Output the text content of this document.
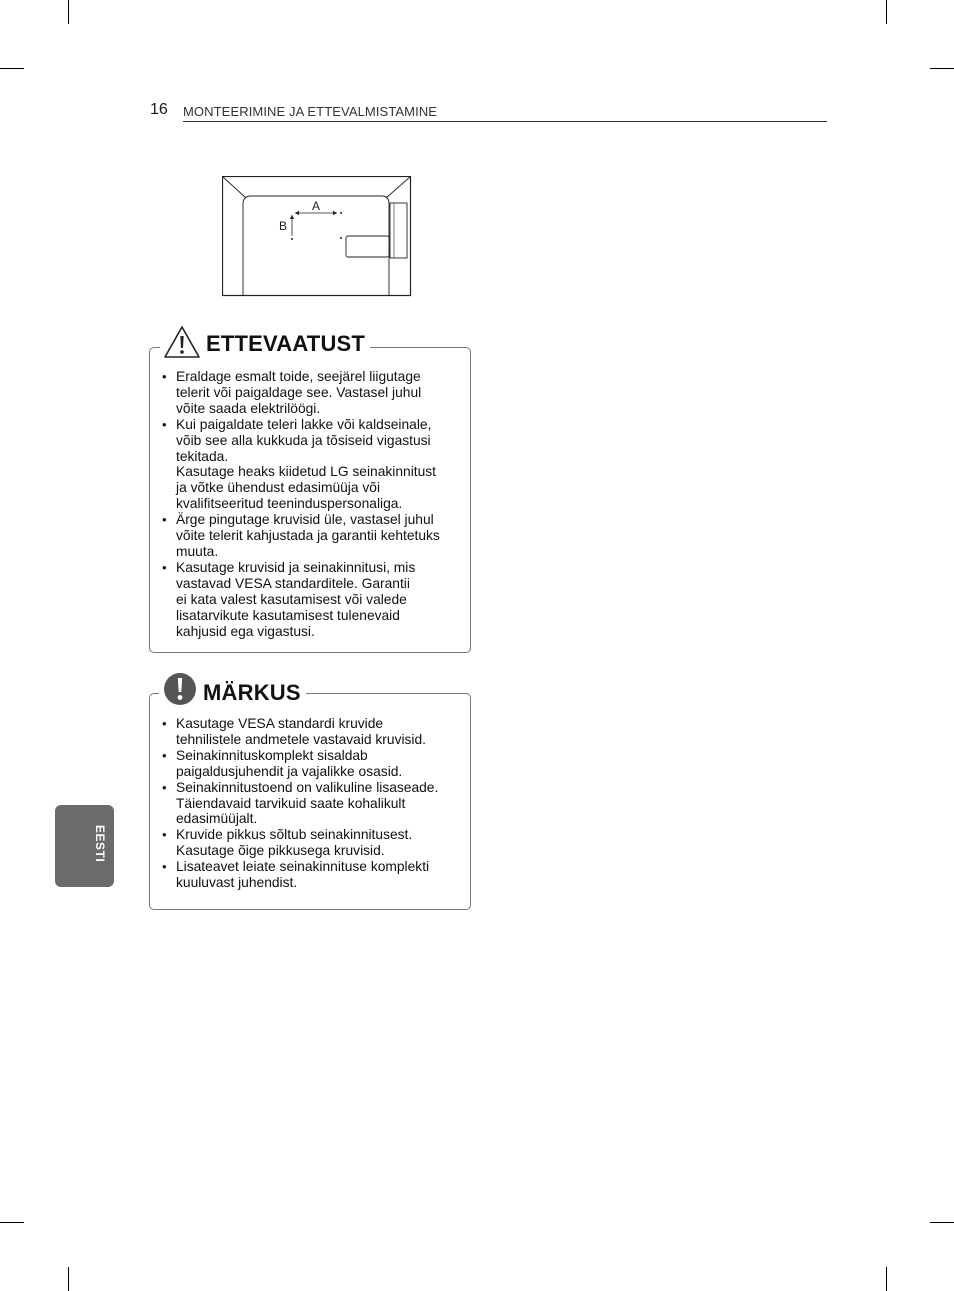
16 MONTEERIMINE JA ETTEVALMISTAMINE
A
B
• Eraldage esmalt toide, seejärel liigutage
telerit või paigaldage see. Vastasel juhul
võite saada elektrilöögi.
• Kui paigaldate teleri lakke või kaldseinale,
võib see alla kukkuda ja tõsiseid vigastusi
tekitada.
Kasutage heaks kiidetud LG seinakinnitust
ja võtke ühendust edasimüüja või
kvalifitseeritud teeninduspersonaliga.
• Ärge pingutage kruvisid üle, vastasel juhul
võite telerit kahjustada ja garantii kehtetuks
muuta.
• Kasutage kruvisid ja seinakinnitusi, mis
vastavad VESA standarditele. Garantii
ei kata valest kasutamisest või valede
lisatarvikute kasutamisest tulenevaid
kahjusid ega vigastusi.
ETTEVAATUST
• Kasutage VESA standardi kruvide
tehnilistele andmetele vastavaid kruvisid.
• Seinakinnituskomplekt sisaldab
paigaldusjuhendit ja vajalikke osasid.
• Seinakinnitustoend on valikuline lisaseade.
Täiendavaid tarvikuid saate kohalikult
edasimüüjalt.
• Kruvide pikkus sõltub seinakinnitusest.
Kasutage õige pikkusega kruvisid.
• Lisateavet leiate seinakinnituse komplekti
kuuluvast juhendist.
MÄRKUS
EESTI
